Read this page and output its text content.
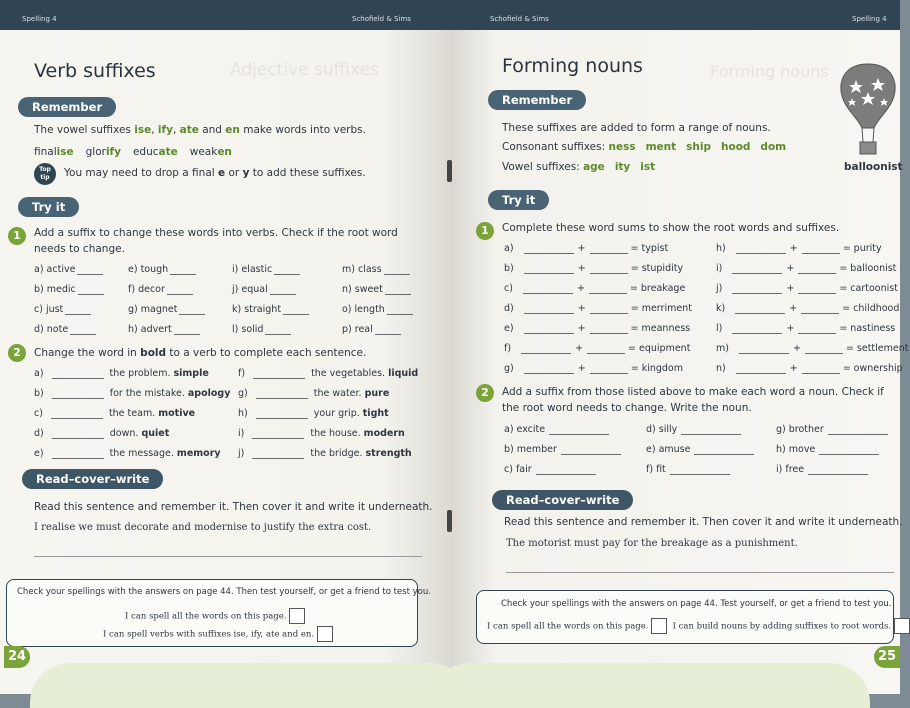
Spelling 4	Schofield & Sims
Verb suffixes	Adjective suffixes
Remember
The vowel suffixes ise, ify, ate and en make words into verbs.
finalise glorify educate weaken
Top tip	You may need to drop a final e or y to add these suffixes.
Try it
1	Add a suffix to change these words into verbs. Check if the root word
needs to change.
a) active	e) tough	i) elastic	m) class
b) medic	f) decor	j) equal	n) sweet
c) just	g) magnet	k) straight	o) length
d) note	h) advert	l) solid	p) real
2	Change the word in bold to a verb to complete each sentence.
a)	the problem. simple	f)	the vegetables. liquid
b)	for the mistake. apology g)	the water. pure
c)	the team. motive	h)	your grip. tight
d)	down. quiet	i)	the house. modern
e)	the message. memory j)	the bridge. strength
Read–cover–write
Read this sentence and remember it. Then cover it and write it underneath.
I realise we must decorate and modernise to justify the extra cost.
Check your spellings with the answers on page 44. Then test yourself, or get a friend to test you.
I can spell all the words on this page.
I can spell verbs with suffixes ise, ify, ate and en.
24
Schofield & Sims	Spelling 4
Forming nouns	Forming nouns
Remember
These suffixes are added to form a range of nouns.
Consonant suffixes: ness ment ship hood dom
Vowel suffixes: age ity ist	balloonist
Try it
1	Complete these word sums to show the root words and suffixes.
a)	+	= typist
b)	+	= stupidity
c)	+	= breakage
d)	+	= merriment
e)	+	= meanness
f)	+	= equipment
g)	+	= kingdom
h)	+	= purity
i)	+	= balloonist
j)	+	= cartoonist
k)	+	= childhood
l)	+	= nastiness
m)	+	= settlement
n)	+	= ownership
2	Add a suffix from those listed above to make each word a noun. Check if
the root word needs to change. Write the noun.
a) excite	d) silly	g) brother
b) member	e) amuse	h) move
c) fair	f) fit	i) free
Read–cover–write
Read this sentence and remember it. Then cover it and write it underneath.
The motorist must pay for the breakage as a punishment.
Check your spellings with the answers on page 44. Test yourself, or get a friend to test you.
I can spell all the words on this page.	I can build nouns by adding suffixes to root words.
25
